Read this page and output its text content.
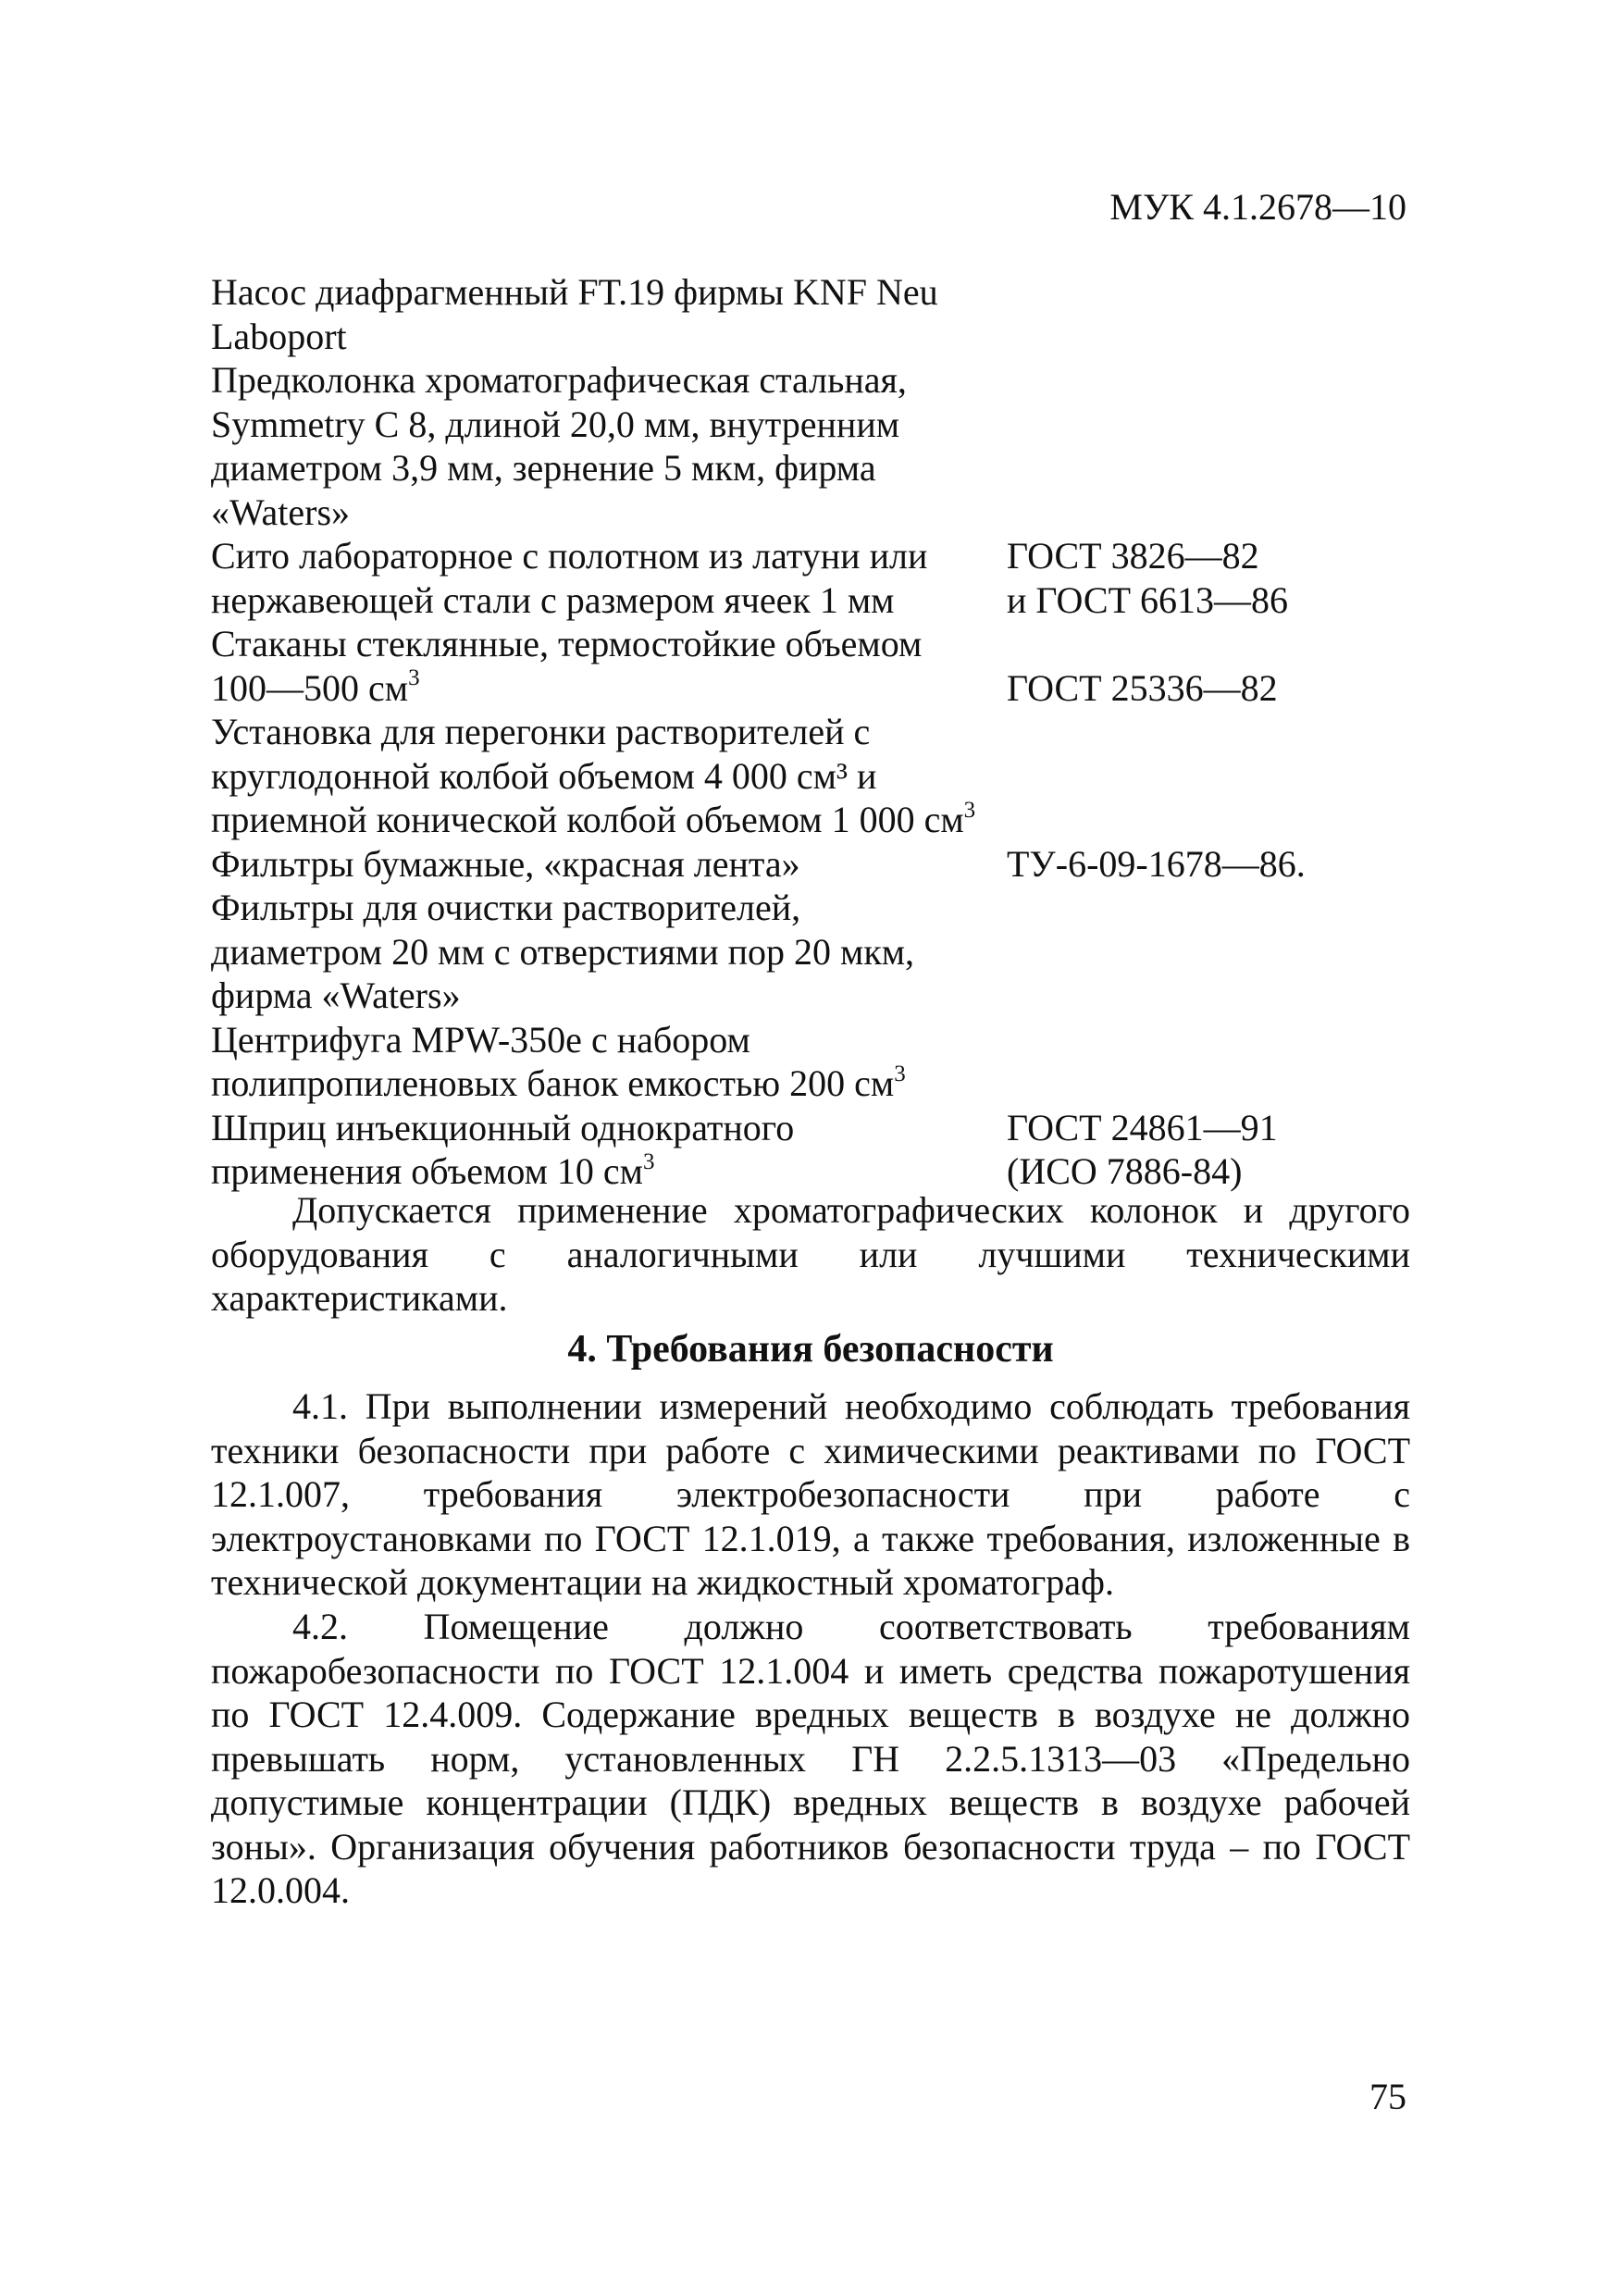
МУК 4.1.2678—10
Насос диафрагменный FT.19 фирмы KNF Neu
Laboport
Предколонка хроматографическая стальная,
Symmetry C 8, длиной 20,0 мм, внутренним
диаметром 3,9 мм, зернение 5 мкм, фирма
«Waters»
Сито лабораторное с полотном из латуни или
нержавеющей стали с размером ячеек 1 мм
ГОСТ 3826—82
и ГОСТ 6613—86
Стаканы стеклянные, термостойкие объемом
100—500 $см^3$	ГОСТ 25336—82
Установка для перегонки растворителей с
круглодонной колбой объемом 4 000 см³ и
приемной конической колбой объемом 1 000 $см^3$
Фильтры бумажные, «красная лента»	ТУ-6-09-1678—86.
Фильтры для очистки растворителей,
диаметром 20 мм с отверстиями пор 20 мкм,
фирма «Waters»
Центрифуга MPW-350e с набором
полипропиленовых банок емкостью 200 $см^3$
Шприц инъекционный однократного
применения объемом 10 $см^3$
ГОСТ 24861—91
(ИСО 7886-84)

Допускается применение хроматографических колонок и другого оборудования с аналогичными или лучшими техническими характеристиками.

4. Требования безопасности

4.1. При выполнении измерений необходимо соблюдать требования техники безопасности при работе с химическими реактивами по ГОСТ 12.1.007, требования электробезопасности при работе с электроустановками по ГОСТ 12.1.019, а также требования, изложенные в технической документации на жидкостный хроматограф.

4.2. Помещение должно соответствовать требованиям пожаробезопасности по ГОСТ 12.1.004 и иметь средства пожаротушения по ГОСТ 12.4.009. Содержание вредных веществ в воздухе не должно превышать норм, установленных ГН 2.2.5.1313—03 «Предельно допустимые концентрации (ПДК) вредных веществ в воздухе рабочей зоны». Организация обучения работников безопасности труда – по ГОСТ 12.0.004.

75
